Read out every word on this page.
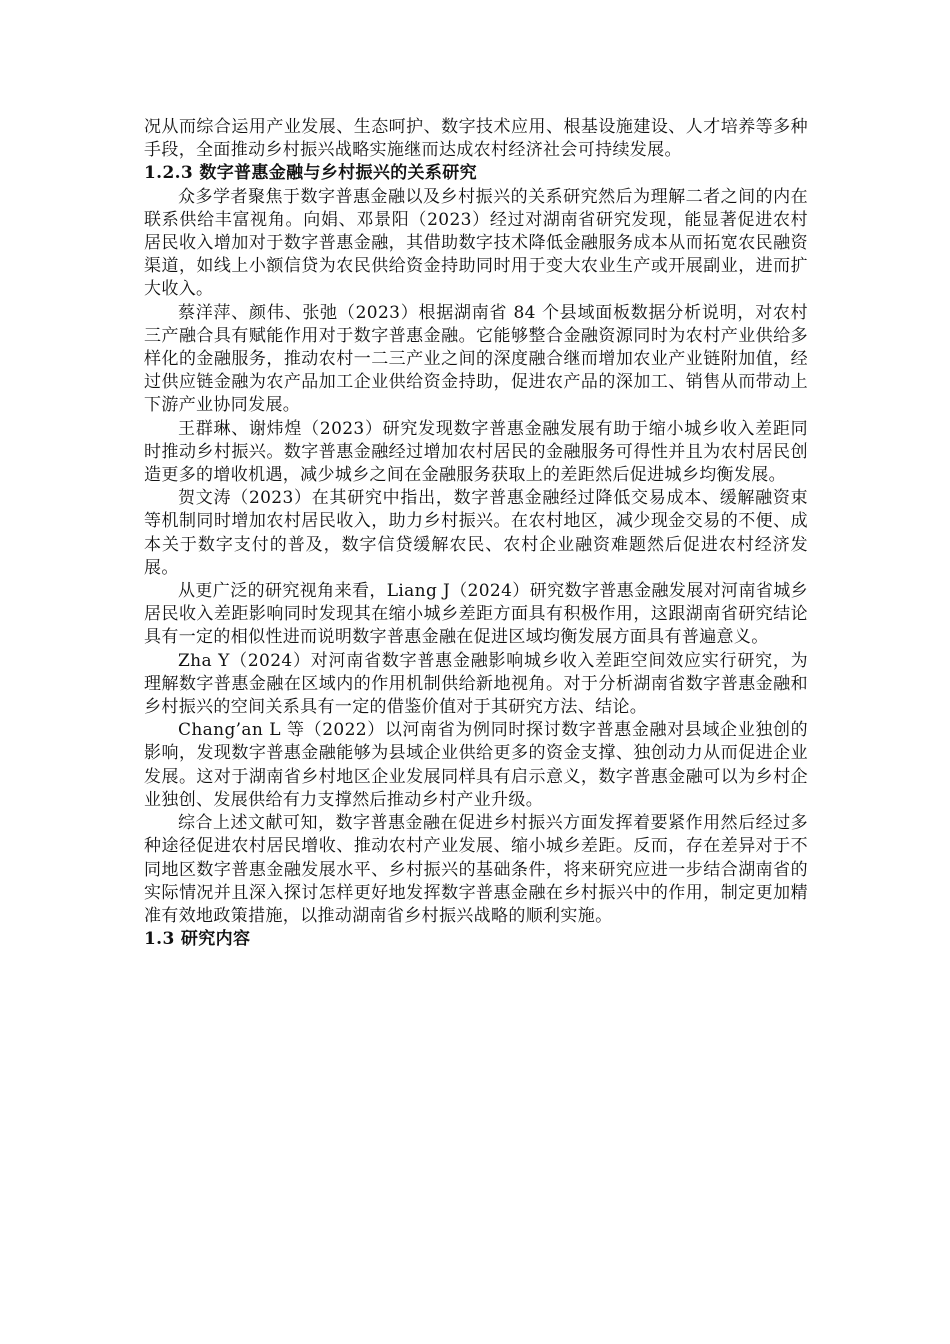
况从而综合运用产业发展、生态呵护、数字技术应用、根基设施建设、人才培养等多种手段，全面推动乡村振兴战略实施继而达成农村经济社会可持续发展。

1.2.3 数字普惠金融与乡村振兴的关系研究

众多学者聚焦于数字普惠金融以及乡村振兴的关系研究然后为理解二者之间的内在联系供给丰富视角。向娟、邓景阳（2023）经过对湖南省研究发现，能显著促进农村居民收入增加对于数字普惠金融，其借助数字技术降低金融服务成本从而拓宽农民融资渠道，如线上小额信贷为农民供给资金持助同时用于变大农业生产或开展副业，进而扩大收入。

蔡洋萍、颜伟、张弛（2023）根据湖南省 84 个县域面板数据分析说明，对农村三产融合具有赋能作用对于数字普惠金融。它能够整合金融资源同时为农村产业供给多样化的金融服务，推动农村一二三产业之间的深度融合继而增加农业产业链附加值，经过供应链金融为农产品加工企业供给资金持助，促进农产品的深加工、销售从而带动上下游产业协同发展。

王群琳、谢炜煌（2023）研究发现数字普惠金融发展有助于缩小城乡收入差距同时推动乡村振兴。数字普惠金融经过增加农村居民的金融服务可得性并且为农村居民创造更多的增收机遇，减少城乡之间在金融服务获取上的差距然后促进城乡均衡发展。

贺文涛（2023）在其研究中指出，数字普惠金融经过降低交易成本、缓解融资束等机制同时增加农村居民收入，助力乡村振兴。在农村地区，减少现金交易的不便、成本关于数字支付的普及，数字信贷缓解农民、农村企业融资难题然后促进农村经济发展。

从更广泛的研究视角来看，Liang J（2024）研究数字普惠金融发展对河南省城乡居民收入差距影响同时发现其在缩小城乡差距方面具有积极作用，这跟湖南省研究结论具有一定的相似性进而说明数字普惠金融在促进区域均衡发展方面具有普遍意义。

Zha Y（2024）对河南省数字普惠金融影响城乡收入差距空间效应实行研究，为理解数字普惠金融在区域内的作用机制供给新地视角。对于分析湖南省数字普惠金融和乡村振兴的空间关系具有一定的借鉴价值对于其研究方法、结论。

Chang’an L 等（2022）以河南省为例同时探讨数字普惠金融对县域企业独创的影响，发现数字普惠金融能够为县域企业供给更多的资金支撑、独创动力从而促进企业发展。这对于湖南省乡村地区企业发展同样具有启示意义，数字普惠金融可以为乡村企业独创、发展供给有力支撑然后推动乡村产业升级。

综合上述文献可知，数字普惠金融在促进乡村振兴方面发挥着要紧作用然后经过多种途径促进农村居民增收、推动农村产业发展、缩小城乡差距。反而，存在差异对于不同地区数字普惠金融发展水平、乡村振兴的基础条件，将来研究应进一步结合湖南省的实际情况并且深入探讨怎样更好地发挥数字普惠金融在乡村振兴中的作用，制定更加精准有效地政策措施，以推动湖南省乡村振兴战略的顺利实施。

1.3 研究内容
